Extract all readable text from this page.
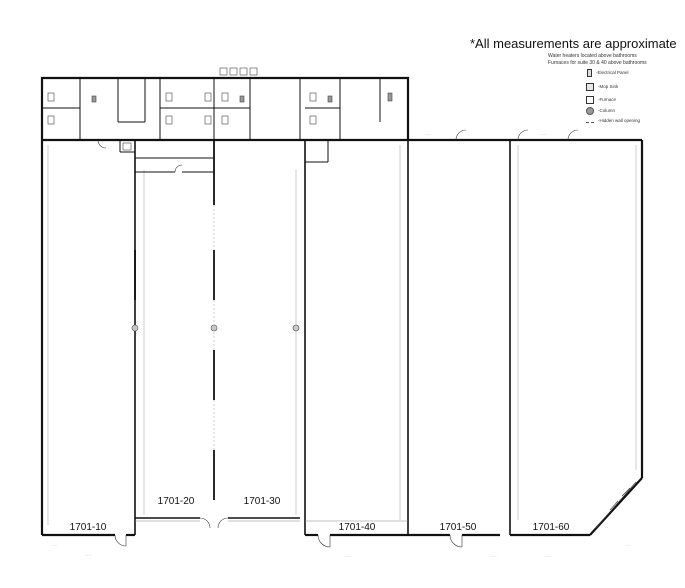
- - -
- - - -	- - - -	- - - -	- - - -
- - -
- - - -	- - - -
*All measurements are approximate
Water heaters located above bathrooms
Furnaces for suite 30 & 40 above bathrooms
-Electrical Panel
-Mop Sink
-Furnace
-Column
-Hidden wall opening
1701-10
1701-20	1701-30
1701-40	1701-50	1701-60
